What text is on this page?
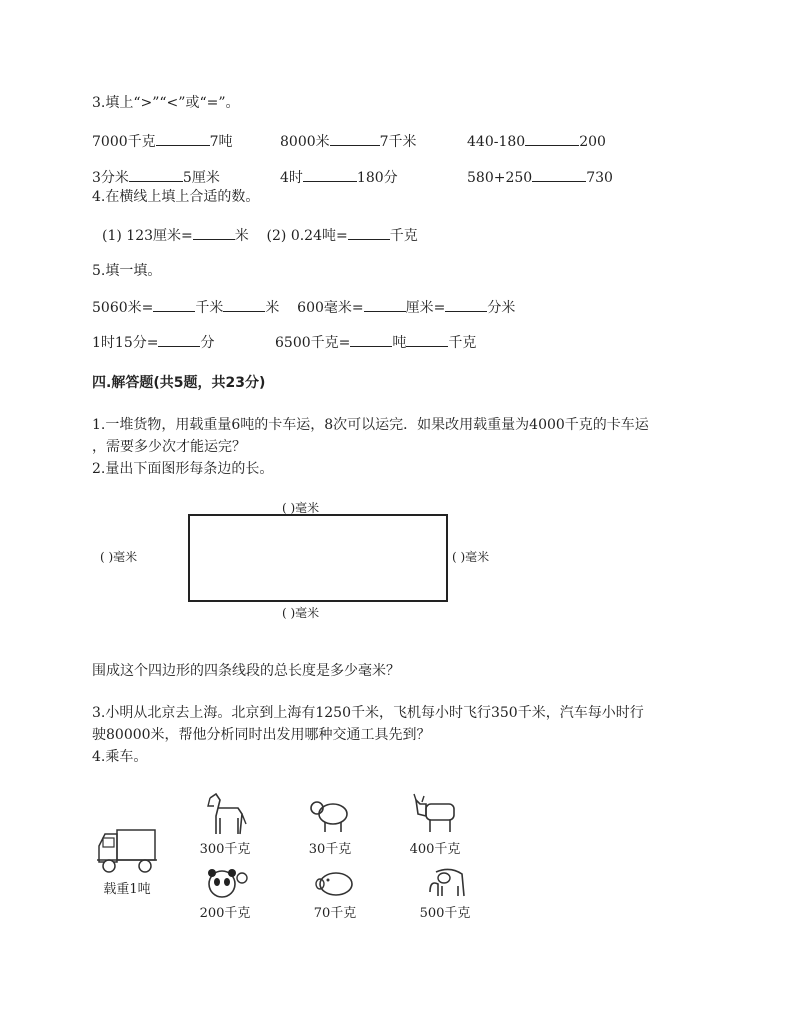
3.填上“>”“<”或“=”。
7000千克	7吨	8000米	7千米	440-180	200
3分米	5厘米	4时	180分	580+250	730
4.在横线上填上合适的数。
(1) 123厘米=	米 (2) 0.24吨=	千克
5.填一填。
5060米=	千米	米 600毫米=	厘米=	分米
1时15分=	分	6500千克=	吨	千克
四.解答题(共5题，共23分)
1.一堆货物，用载重量6吨的卡车运，8次可以运完．如果改用载重量为4000千克的卡车运
，需要多少次才能运完？
2.量出下面图形每条边的长。
( )毫米
( )毫米	( )毫米
( )毫米
围成这个四边形的四条线段的总长度是多少毫米？
3.小明从北京去上海。北京到上海有1250千米，飞机每小时飞行350千米，汽车每小时行
驶80000米，帮他分析同时出发用哪种交通工具先到？
4.乘车。
载重1吨
300千克	30千克	400千克
200千克	70千克	500千克
